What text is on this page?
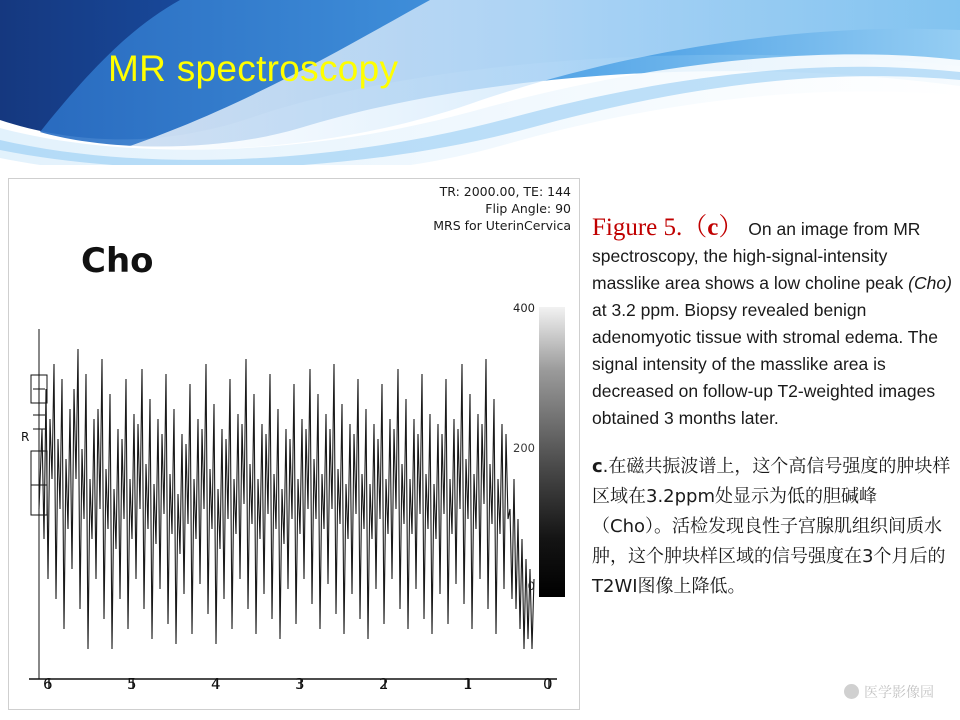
MR spectroscopy
TR: 2000.00, TE: 144
Flip Angle: 90
MRS for UterinCervica
Cho
R
400
200
0
6	5	4	3	2	1	0
Figure 5.（c） On an image from MR spectroscopy, the high-signal-intensity masslike area shows a low choline peak (Cho) at 3.2 ppm. Biopsy revealed benign adenomyotic tissue with stromal edema. The signal intensity of the masslike area is decreased on follow-up T2-weighted images obtained 3 months later.
c.在磁共振波谱上，这个高信号强度的肿块样区域在3.2ppm处显示为低的胆碱峰（Cho）。活检发现良性子宫腺肌组织间质水肿，这个肿块样区域的信号强度在3个月后的T2WI图像上降低。
医学影像园
